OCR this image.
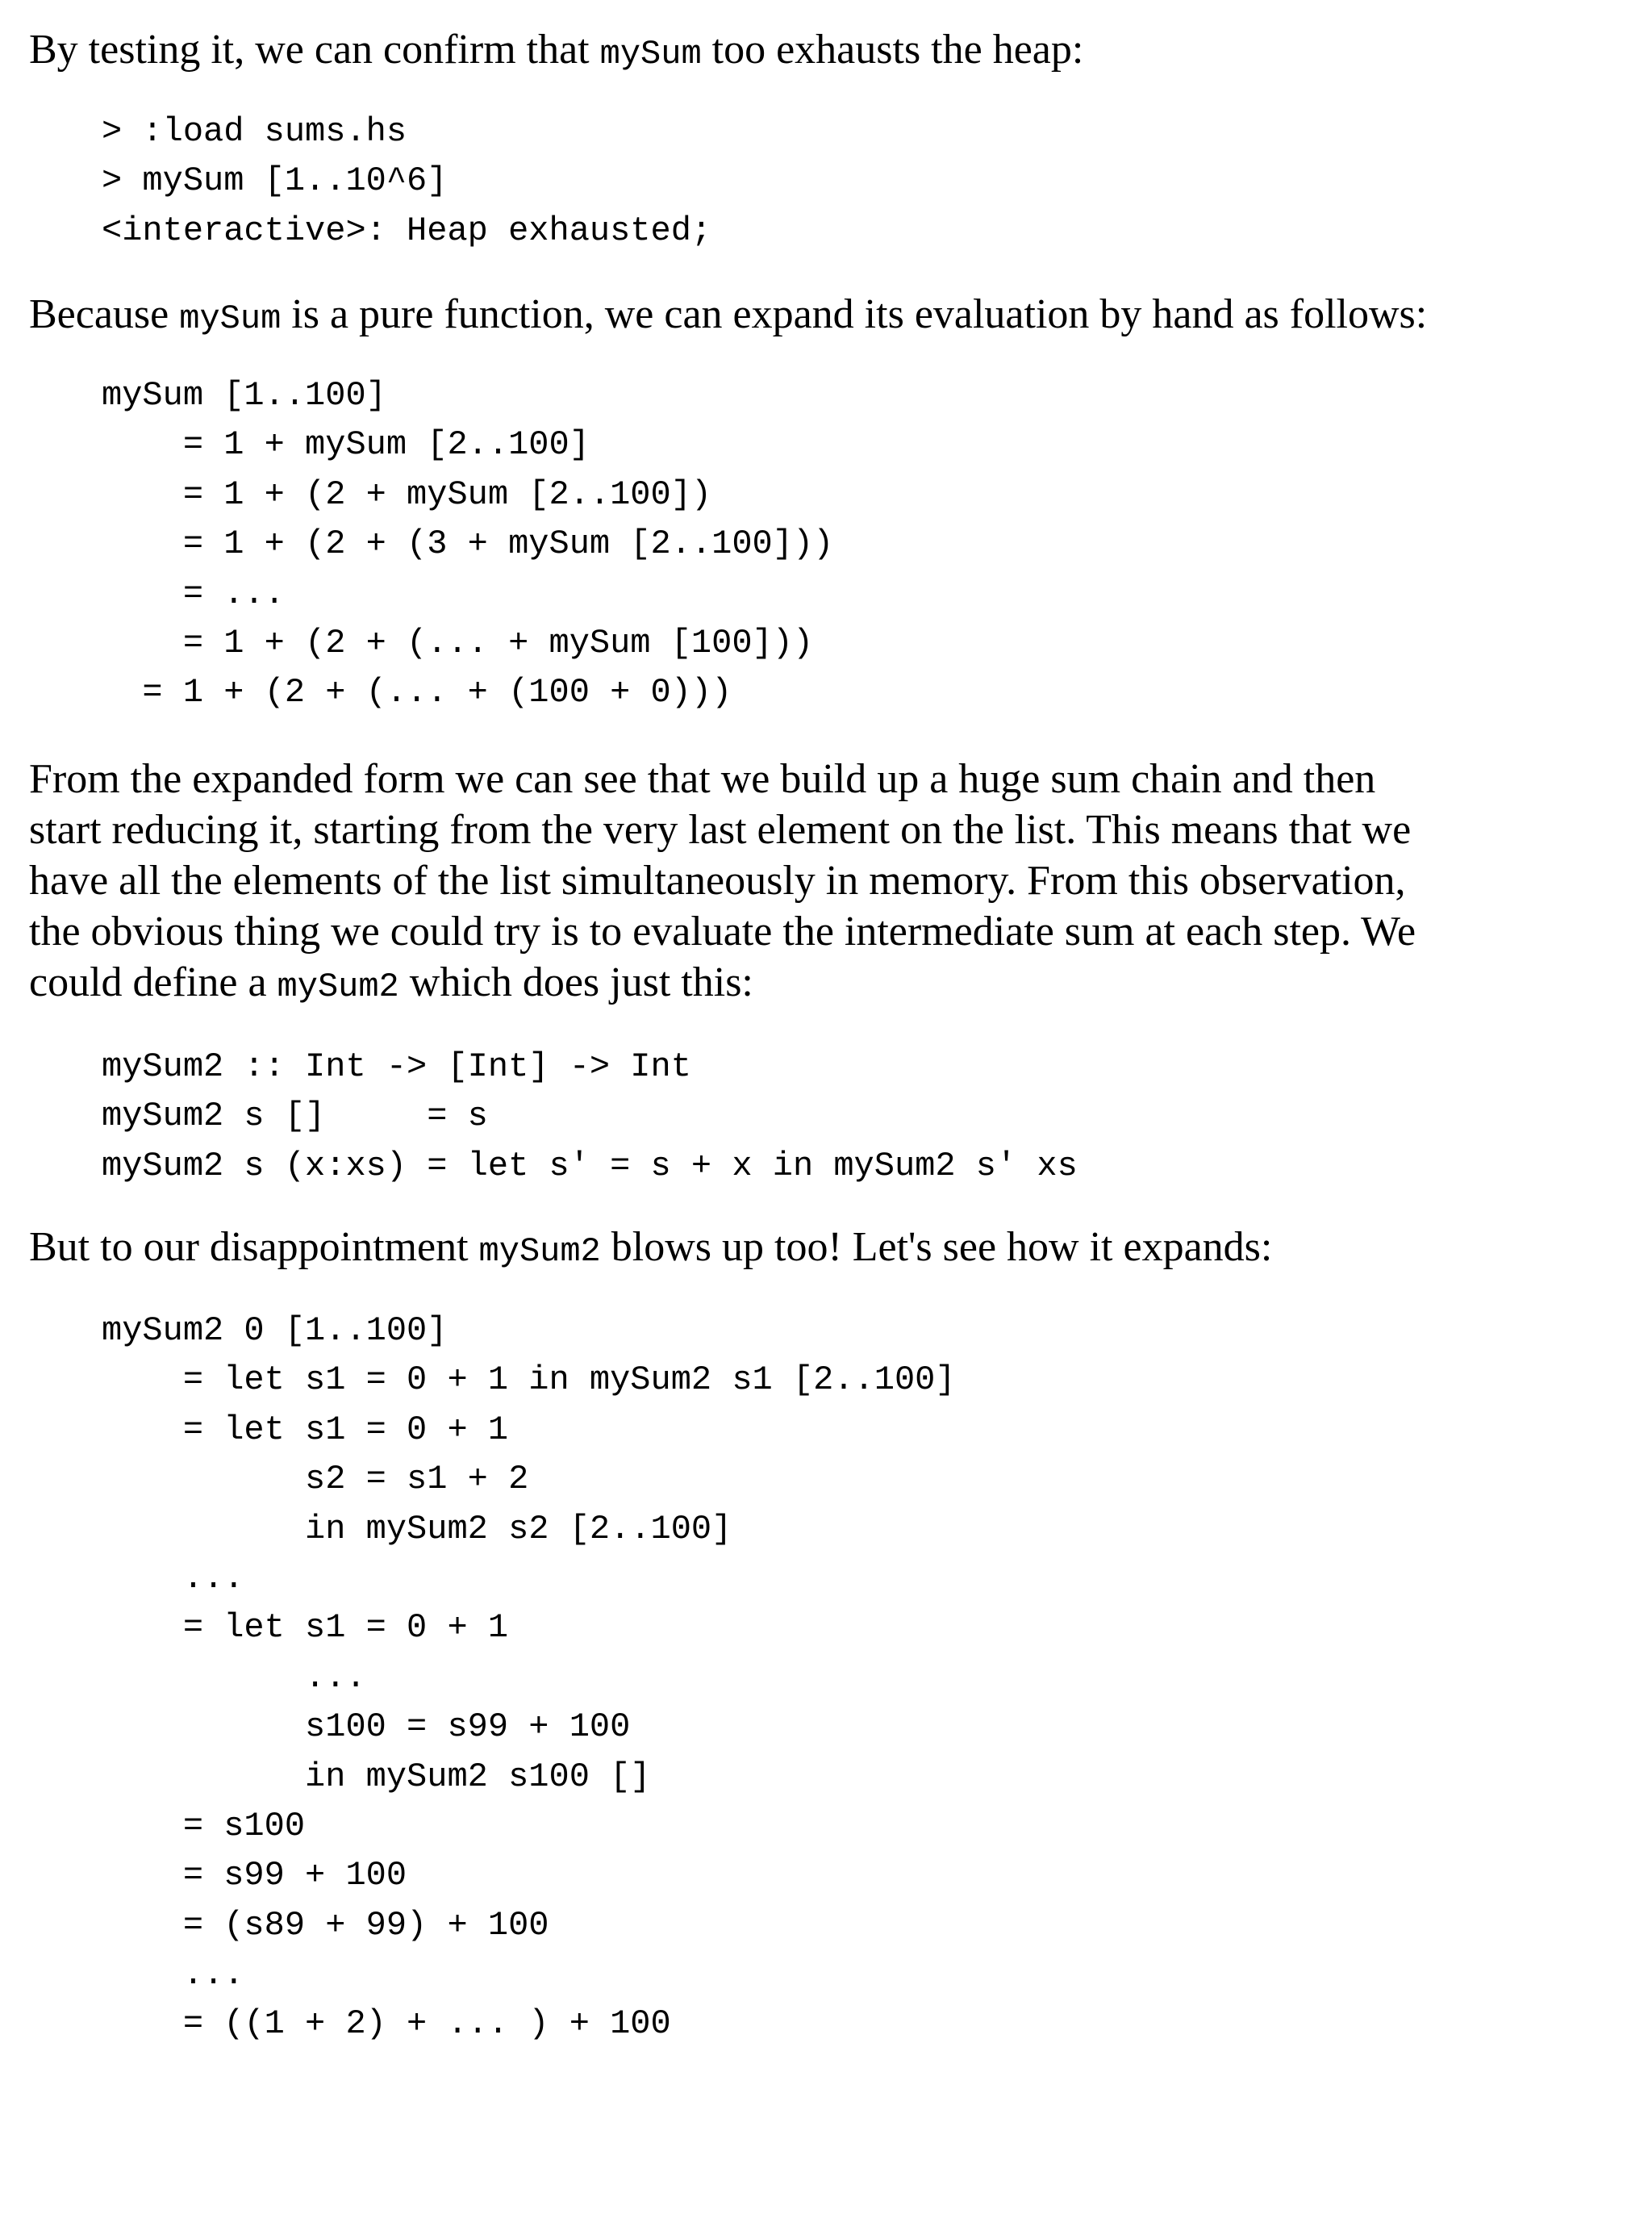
By testing it, we can confirm that mySum too exhausts the heap:

> :load sums.hs
> mySum [1..10^6]
<interactive>: Heap exhausted;

Because mySum is a pure function, we can expand its evaluation by hand as follows:

mySum [1..100]
= 1 + mySum [2..100]
= 1 + (2 + mySum [2..100])
= 1 + (2 + (3 + mySum [2..100]))
= ...
= 1 + (2 + (... + mySum [100]))
= 1 + (2 + (... + (100 + 0)))
From the expanded form we can see that we build up a huge sum chain and then
start reducing it, starting from the very last element on the list. This means that we
have all the elements of the list simultaneously in memory. From this observation,
the obvious thing we could try is to evaluate the intermediate sum at each step. We
could define a mySum2 which does just this:
mySum2 :: Int -> [Int] -> Int
mySum2 s []     = s
mySum2 s (x:xs) = let s' = s + x in mySum2 s' xs

But to our disappointment mySum2 blows up too! Let's see how it expands:

mySum2 0 [1..100]
= let s1 = 0 + 1 in mySum2 s1 [2..100]
= let s1 = 0 + 1
s2 = s1 + 2
in mySum2 s2 [2..100]
...
= let s1 = 0 + 1
...
s100 = s99 + 100
in mySum2 s100 []
= s100
= s99 + 100
= (s89 + 99) + 100
...
= ((1 + 2) + ... ) + 100
